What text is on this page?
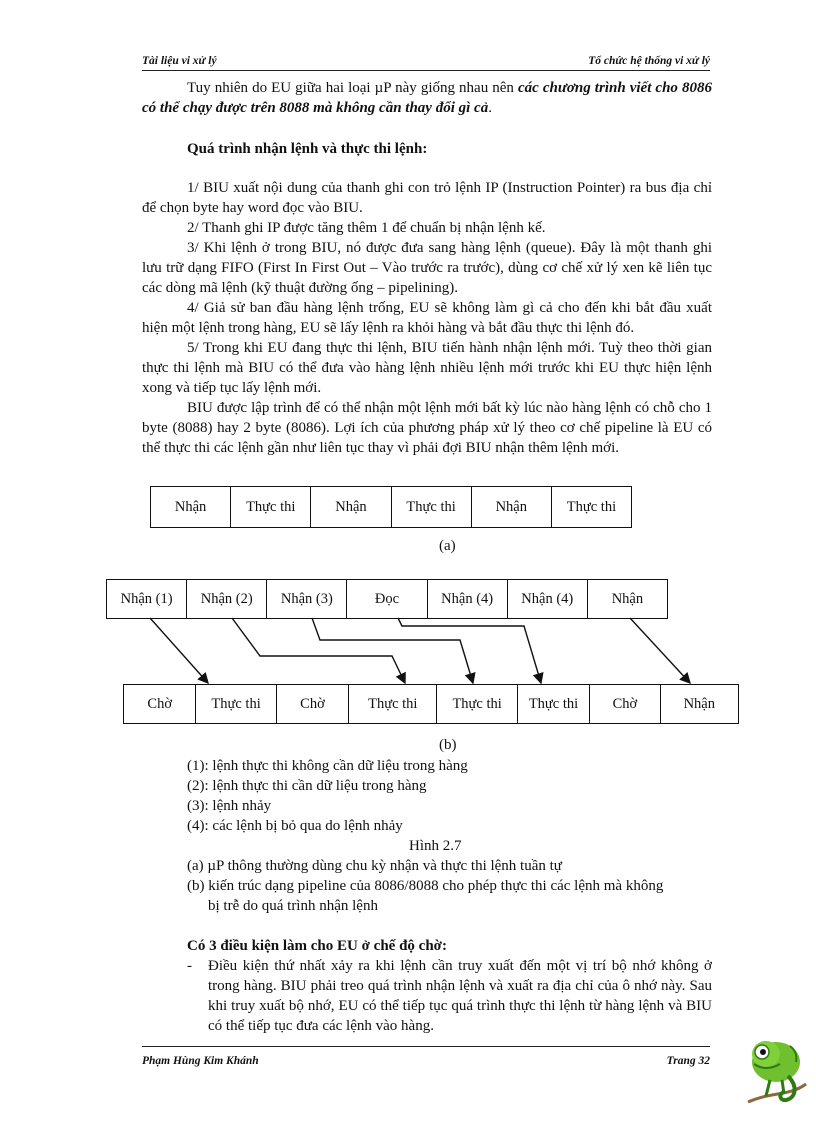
Tài liệu vi xử lý	Tổ chức hệ thống vi xử lý
Tuy nhiên do EU giữa hai loại µP này giống nhau nên các chương trình viết cho 8086 có thể chạy được trên 8088 mà không cần thay đổi gì cả.
Quá trình nhận lệnh và thực thi lệnh:
1/ BIU xuất nội dung của thanh ghi con trỏ lệnh IP (Instruction Pointer) ra bus địa chỉ để chọn byte hay word đọc vào BIU.
2/ Thanh ghi IP được tăng thêm 1 để chuẩn bị nhận lệnh kế.
3/ Khi lệnh ở trong BIU, nó được đưa sang hàng lệnh (queue). Đây là một thanh ghi lưu trữ dạng FIFO (First In First Out – Vào trước ra trước), dùng cơ chế xử lý xen kẽ liên tục các dòng mã lệnh (kỹ thuật đường ống – pipelining).
4/ Giả sử ban đầu hàng lệnh trống, EU sẽ không làm gì cả cho đến khi bắt đầu xuất hiện một lệnh trong hàng, EU sẽ lấy lệnh ra khỏi hàng và bắt đầu thực thi lệnh đó.
5/ Trong khi EU đang thực thi lệnh, BIU tiến hành nhận lệnh mới. Tuỳ theo thời gian thực thi lệnh mà BIU có thể đưa vào hàng lệnh nhiều lệnh mới trước khi EU thực hiện lệnh xong và tiếp tục lấy lệnh mới.
BIU được lập trình để có thể nhận một lệnh mới bất kỳ lúc nào hàng lệnh có chỗ cho 1 byte (8088) hay 2 byte (8086). Lợi ích của phương pháp xử lý theo cơ chế pipeline là EU có thể thực thi các lệnh gần như liên tục thay vì phải đợi BIU nhận thêm lệnh mới.
Nhận	Thực thi	Nhận	Thực thi	Nhận	Thực thi
(a)
Nhận (1)	Nhận (2)	Nhận (3)	Đọc	Nhận (4)	Nhận (4)	Nhận
Chờ	Thực thi	Chờ	Thực thi	Thực thi	Thực thi	Chờ	Nhận
(b)
(1): lệnh thực thi không cần dữ liệu trong hàng
(2): lệnh thực thi cần dữ liệu trong hàng
(3): lệnh nhảy
(4): các lệnh bị bỏ qua do lệnh nhảy
Hình 2.7
(a) µP thông thường dùng chu kỳ nhận và thực thi lệnh tuần tự
(b) kiến trúc dạng pipeline của 8086/8088 cho phép thực thi các lệnh mà không
bị trễ do quá trình nhận lệnh
Có 3 điều kiện làm cho EU ở chế độ chờ:
- Điều kiện thứ nhất xảy ra khi lệnh cần truy xuất đến một vị trí bộ nhớ không ở trong hàng. BIU phải treo quá trình nhận lệnh và xuất ra địa chỉ của ô nhớ này. Sau khi truy xuất bộ nhớ, EU có thể tiếp tục quá trình thực thi lệnh từ hàng lệnh và BIU có thể tiếp tục đưa các lệnh vào hàng.
Phạm Hùng Kim Khánh	Trang 32
